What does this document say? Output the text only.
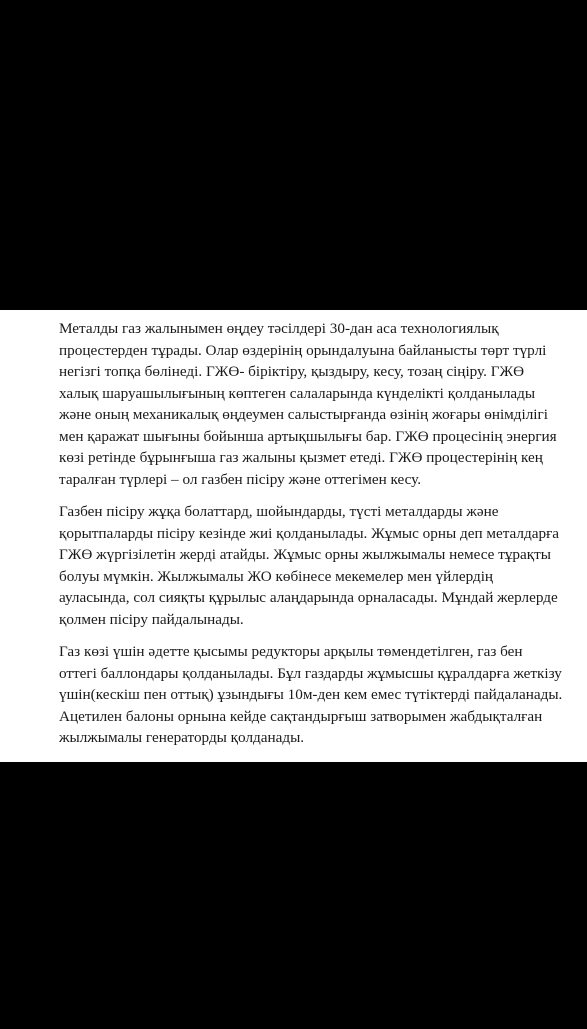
Металды газ жалынымен өңдеу тәсілдері 30-дан аса технологиялық
процестерден тұрады. Олар өздерінің орындалуына байланысты төрт түрлі
негізгі топқа бөлінеді. ГЖӨ- біріктіру, қыздыру, кесу, тозаң сіңіру. ГЖӨ
халық шаруашылығының көптеген салаларында күнделікті қолданылады
және оның механикалық өңдеумен салыстырғанда өзінің жоғары өнімділігі
мен қаражат шығыны бойынша артықшылығы бар. ГЖӨ процесінің энергия
көзі ретінде бұрынғыша газ жалыны қызмет етеді. ГЖӨ процестерінің кең
таралған түрлері – ол газбен пісіру және оттегімен кесу.

Газбен пісіру жұқа болаттард, шойындарды, түсті металдарды және
қорытпаларды пісіру кезінде жиі қолданылады. Жұмыс орны деп металдарға
ГЖӨ жүргізілетін жерді атайды. Жұмыс орны жылжымалы немесе тұрақты
болуы мүмкін. Жылжымалы ЖО көбінесе мекемелер мен үйлердің
ауласында, сол сияқты құрылыс алаңдарында орналасады. Мұндай жерлерде
қолмен пісіру пайдалынады.

Газ көзі үшін әдетте қысымы редукторы арқылы төмендетілген, газ бен
оттегі баллондары қолданылады. Бұл газдарды жұмысшы құралдарға жеткізу
үшін(кескіш пен оттық) ұзындығы 10м-ден кем емес түтіктерді пайдаланады.
Ацетилен балоны орнына кейде сақтандырғыш затворымен жабдықталған
жылжымалы генераторды қолданады.
